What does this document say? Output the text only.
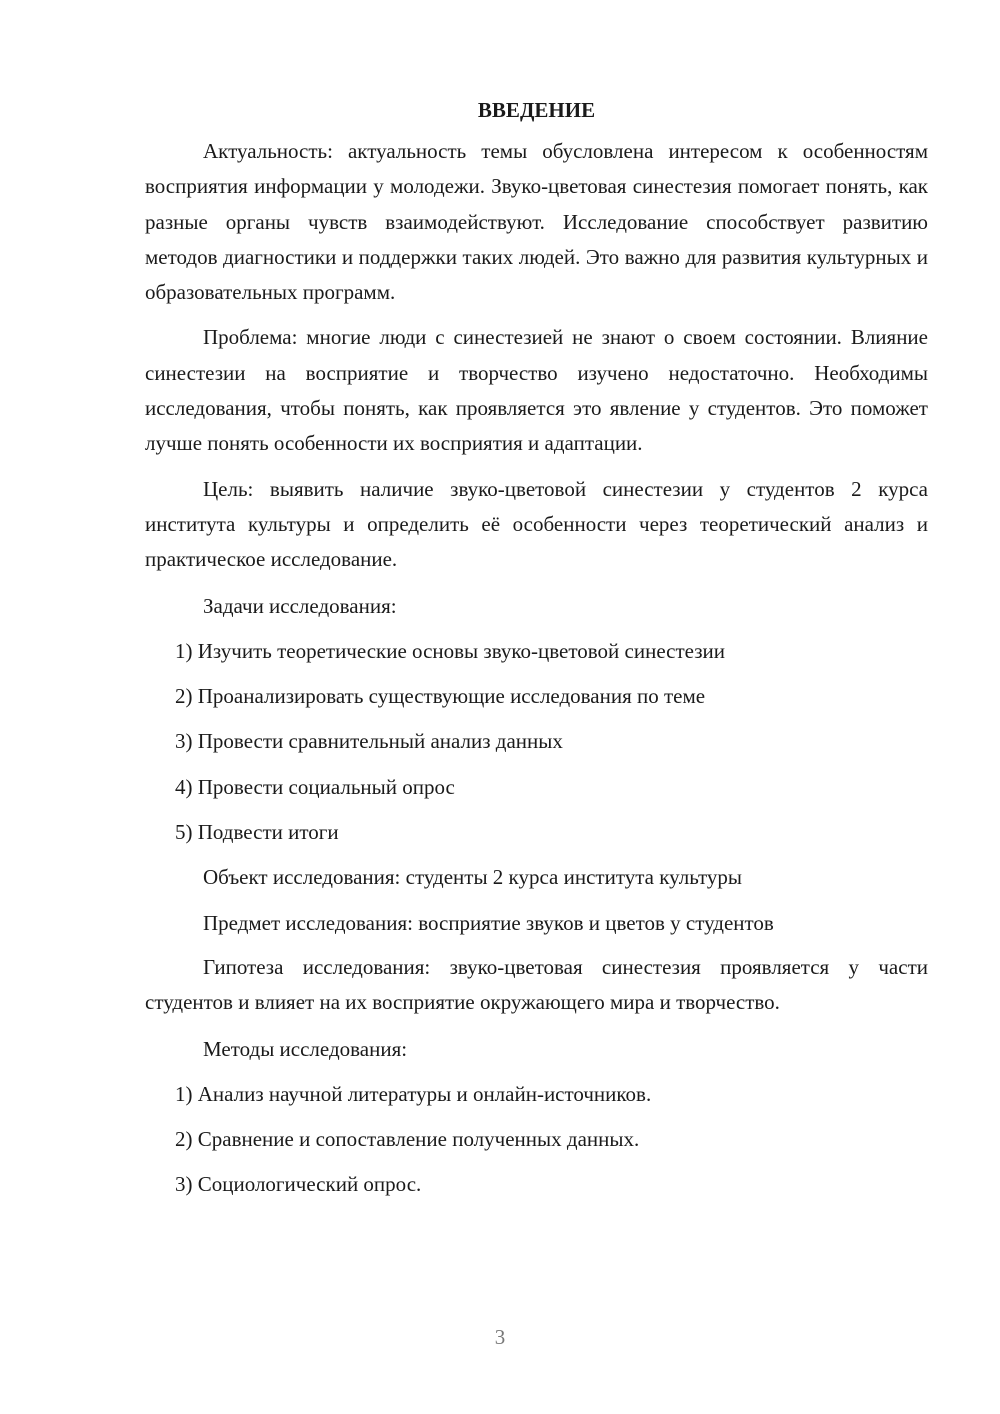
ВВЕДЕНИЕ

Актуальность: актуальность темы обусловлена интересом к особенностям восприятия информации у молодежи. Звуко-цветовая синестезия помогает понять, как разные органы чувств взаимодействуют. Исследование способствует развитию методов диагностики и поддержки таких людей. Это важно для развития культурных и образовательных программ.

Проблема: многие люди с синестезией не знают о своем состоянии. Влияние синестезии на восприятие и творчество изучено недостаточно. Необходимы исследования, чтобы понять, как проявляется это явление у студентов. Это поможет лучше понять особенности их восприятия и адаптации.

Цель: выявить наличие звуко-цветовой синестезии у студентов 2 курса института культуры и определить её особенности через теоретический анализ и практическое исследование.

Задачи исследования:
1) Изучить теоретические основы звуко-цветовой синестезии
2) Проанализировать существующие исследования по теме
3) Провести сравнительный анализ данных
4) Провести социальный опрос
5) Подвести итоги
Объект исследования: студенты 2 курса института культуры
Предмет исследования: восприятие звуков и цветов у студентов

Гипотеза исследования: звуко-цветовая синестезия проявляется у части студентов и влияет на их восприятие окружающего мира и творчество.

Методы исследования:
1) Анализ научной литературы и онлайн-источников.
2) Сравнение и сопоставление полученных данных.
3) Социологический опрос.
3
